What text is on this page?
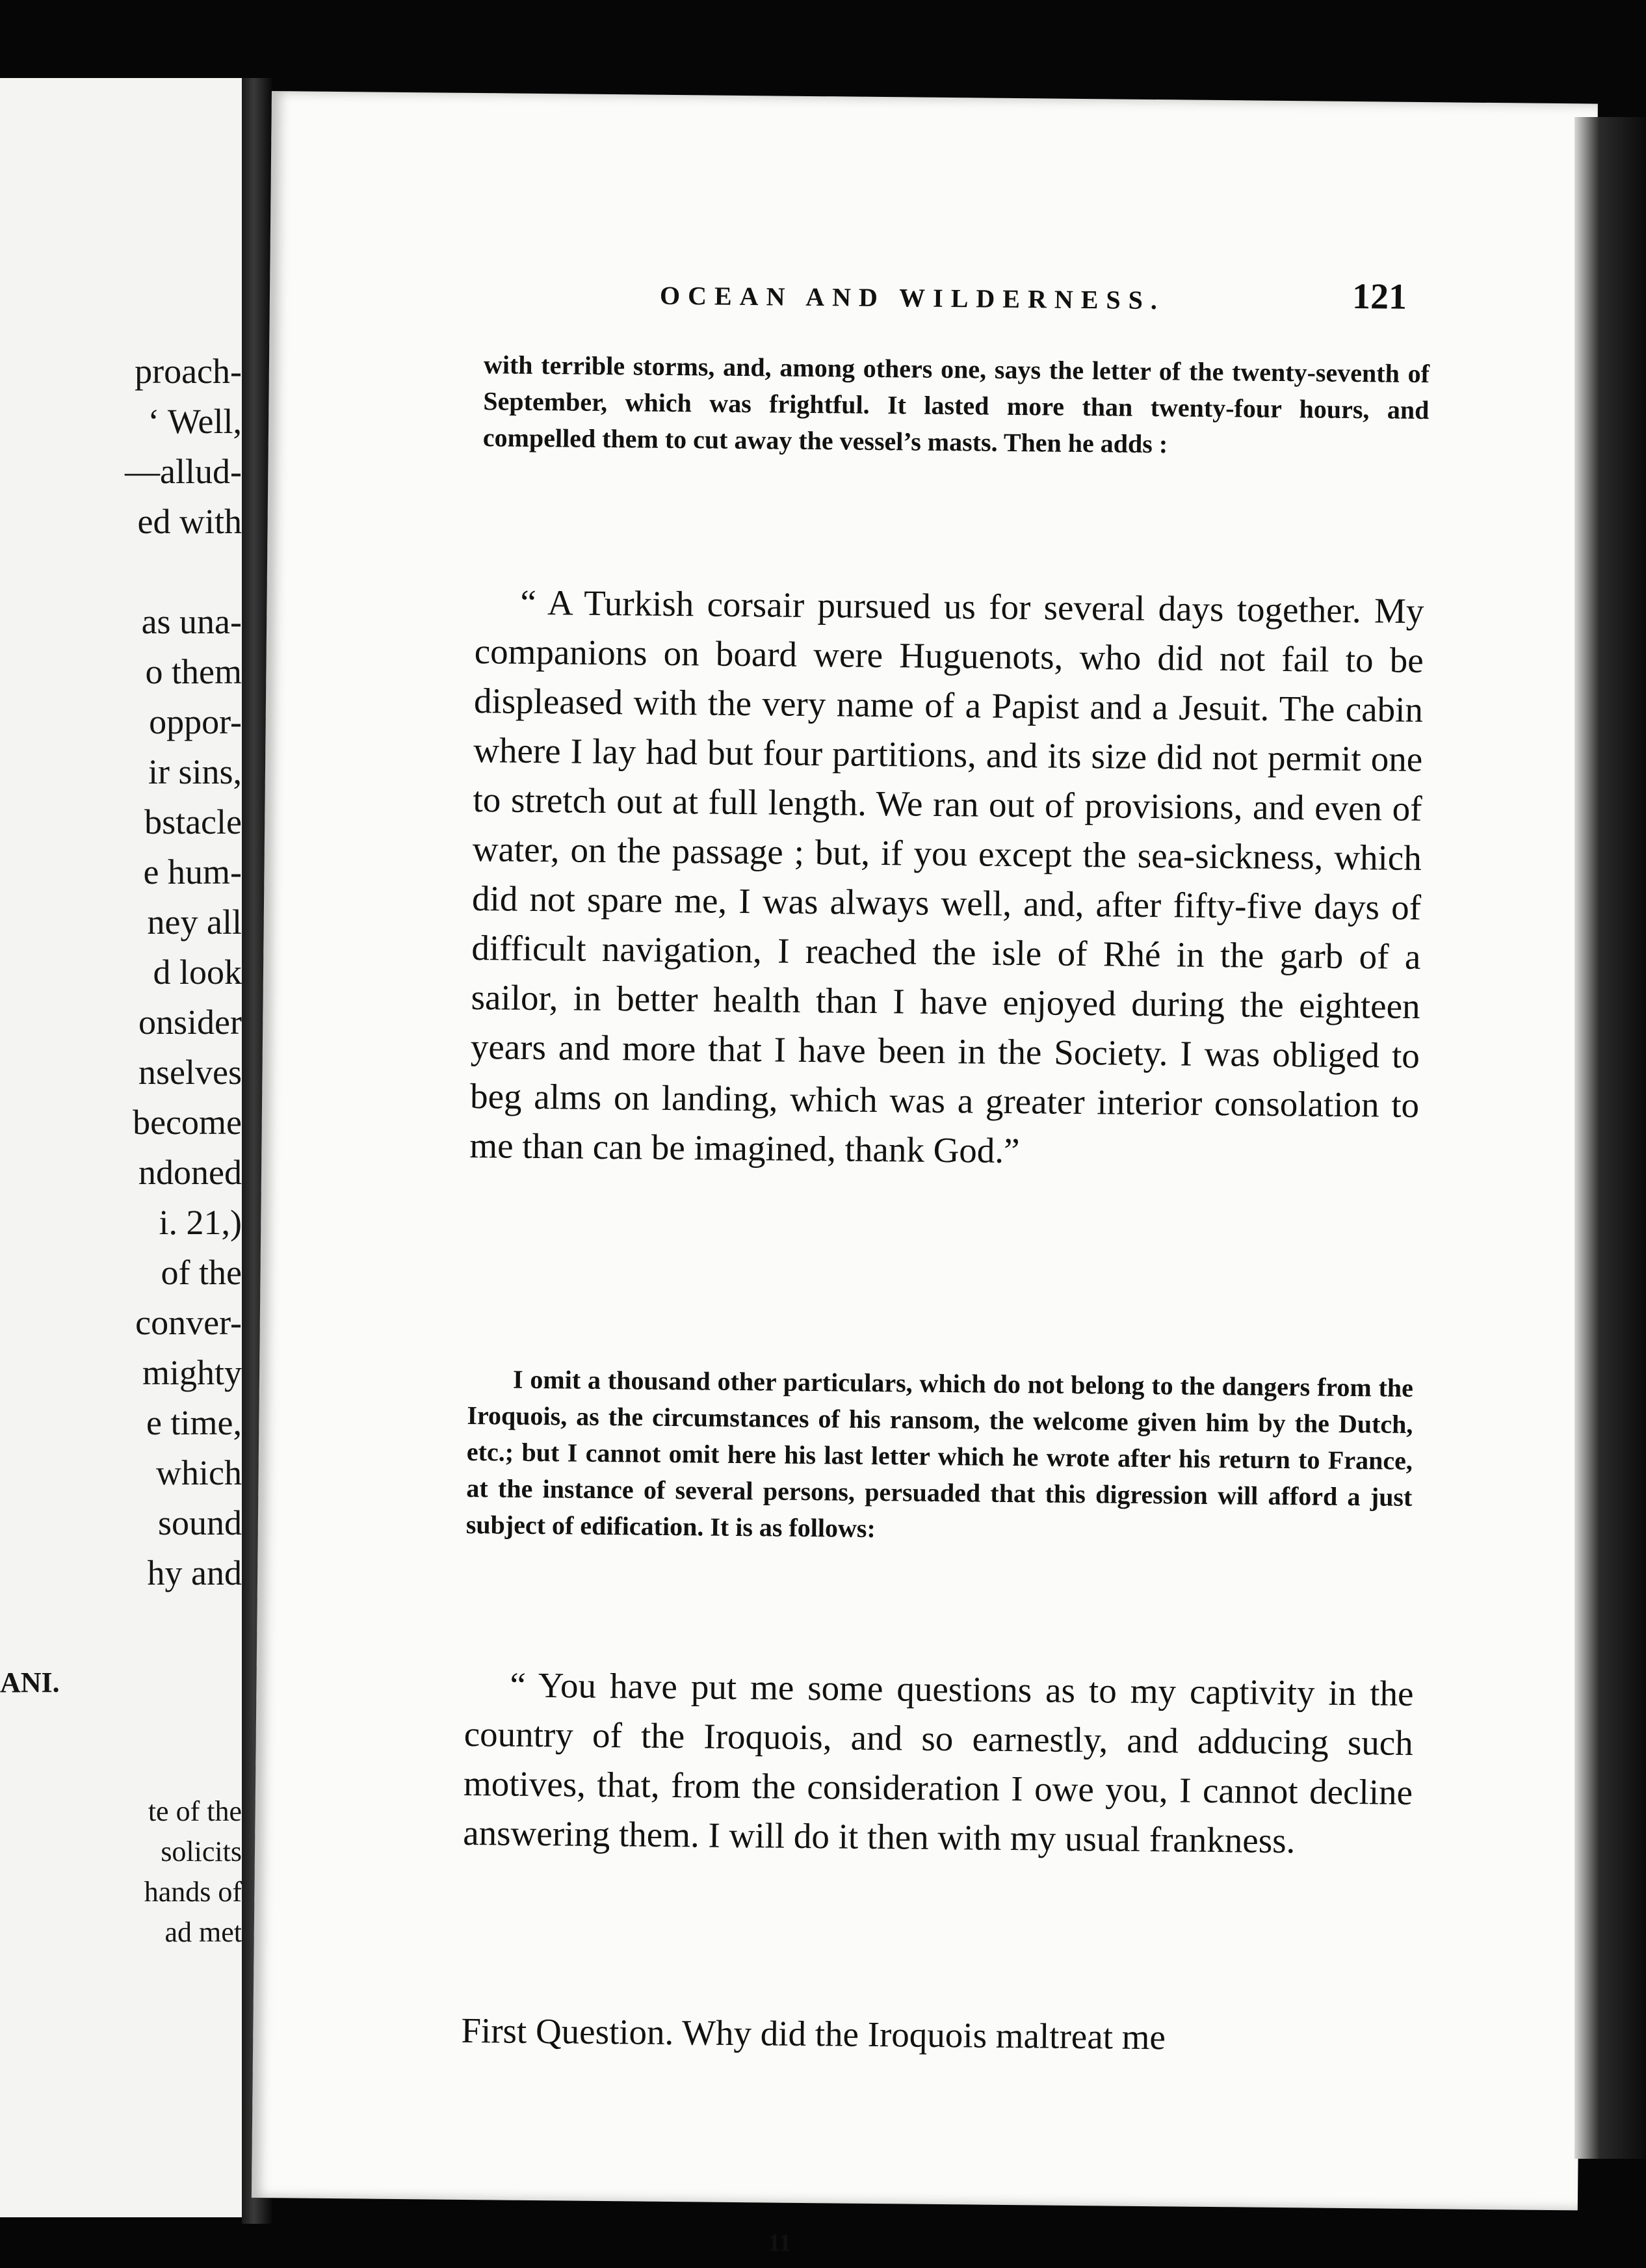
proach-
‘ Well,
—allud-
ed with
as una-
o them
oppor-
ir sins,
bstacle
e hum-
ney all
d look
onsider
nselves
become
ndoned
i. 21,)
of the
conver-
mighty
e time,
which
sound
hy and
ANI.
te of the
solicits
hands of
ad met
OCEAN AND WILDERNESS.	121

with terrible storms, and, among others one, says the letter of the twenty-seventh of September, which was frightful. It lasted more than twenty-four hours, and compelled them to cut away the vessel’s masts. Then he adds :

“ A Turkish corsair pursued us for several days together. My companions on board were Huguenots, who did not fail to be displeased with the very name of a Papist and a Jesuit. The cabin where I lay had but four partitions, and its size did not permit one to stretch out at full length. We ran out of provisions, and even of water, on the passage ; but, if you except the sea-sickness, which did not spare me, I was always well, and, after fifty-five days of difficult navigation, I reached the isle of Rhé in the garb of a sailor, in better health than I have enjoyed during the eighteen years and more that I have been in the Society. I was obliged to beg alms on landing, which was a greater interior consolation to me than can be imagined, thank God.”

I omit a thousand other particulars, which do not belong to the dangers from the Iroquois, as the circumstances of his ransom, the welcome given him by the Dutch, etc.; but I cannot omit here his last letter which he wrote after his return to France, at the instance of several persons, persuaded that this digression will afford a just subject of edification. It is as follows:

“ You have put me some questions as to my captivity in the country of the Iroquois, and so earnestly, and adducing such motives, that, from the consideration I owe you, I cannot decline answering them. I will do it then with my usual frankness.

First Question. Why did the Iroquois maltreat me
11
